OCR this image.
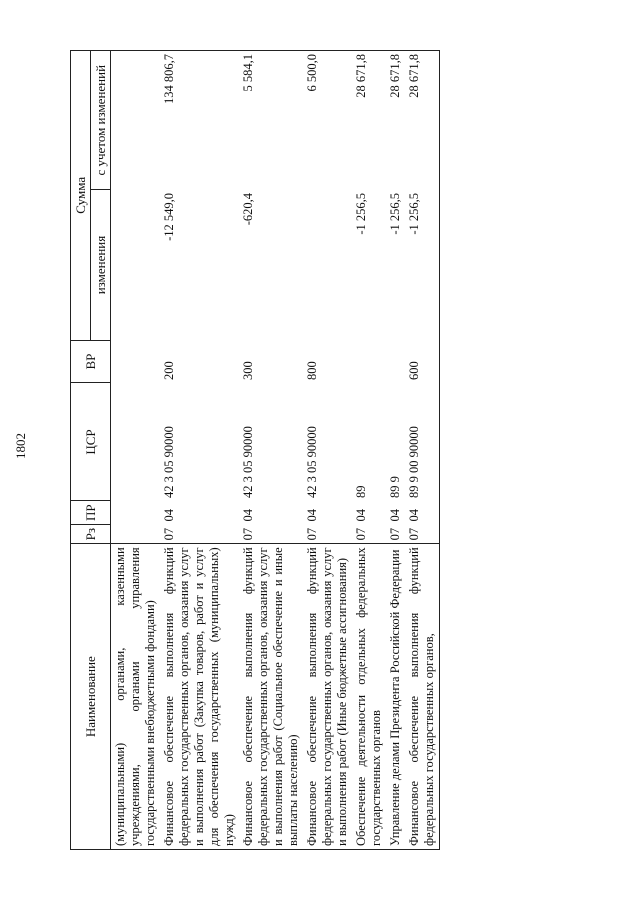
1802
Наименование	Рз	ПР	ЦСР	ВР	Сумма	
					изменения	с учетом изменений
(муниципальными) органами, казенными учреждениями, органами управления государственными внебюджетными фондами)						
Финансовое обеспечение выполнения функций федеральных государственных органов, оказания услуг и выполнения работ (Закупка товаров, работ и услуг для обеспечения государственных (муниципальных) нужд)	07	04	42 3 05 90000	200	-12 549,0	134 806,7
Финансовое обеспечение выполнения функций федеральных государственных органов, оказания услуг и выполнения работ (Социальное обеспечение и иные выплаты населению)	07	04	42 3 05 90000	300	-620,4	5 584,1
Финансовое обеспечение выполнения функций федеральных государственных органов, оказания услуг и выполнения работ (Иные бюджетные ассигнования)	07	04	42 3 05 90000	800		6 500,0
Обеспечение деятельности отдельных федеральных государственных органов	07	04	89		-1 256,5	28 671,8
Управление делами Президента Российской Федерации	07	04	89 9		-1 256,5	28 671,8
Финансовое обеспечение выполнения функций федеральных государственных органов,	07	04	89 9 00 90000	600	-1 256,5	28 671,8
